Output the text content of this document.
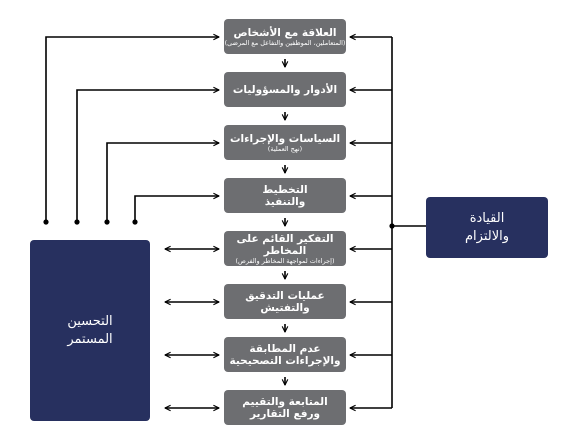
العلاقة مع الأشخاص
(المتعاملين، الموظفين والتفاعل مع المرضى)
الأدوار والمسؤوليات
السياسات والإجراءات
(نهج العملية)
التخطيط
والتنفيذ
التفكير القائم على المخاطر
(إجراءات لمواجهة المخاطر والفرص)
عمليات التدقيق والتفتيش
عدم المطابقة
والإجراءات التصحيحية
المتابعة والتقييم
ورفع التقارير
القيادة
والالتزام
التحسين
المستمر
